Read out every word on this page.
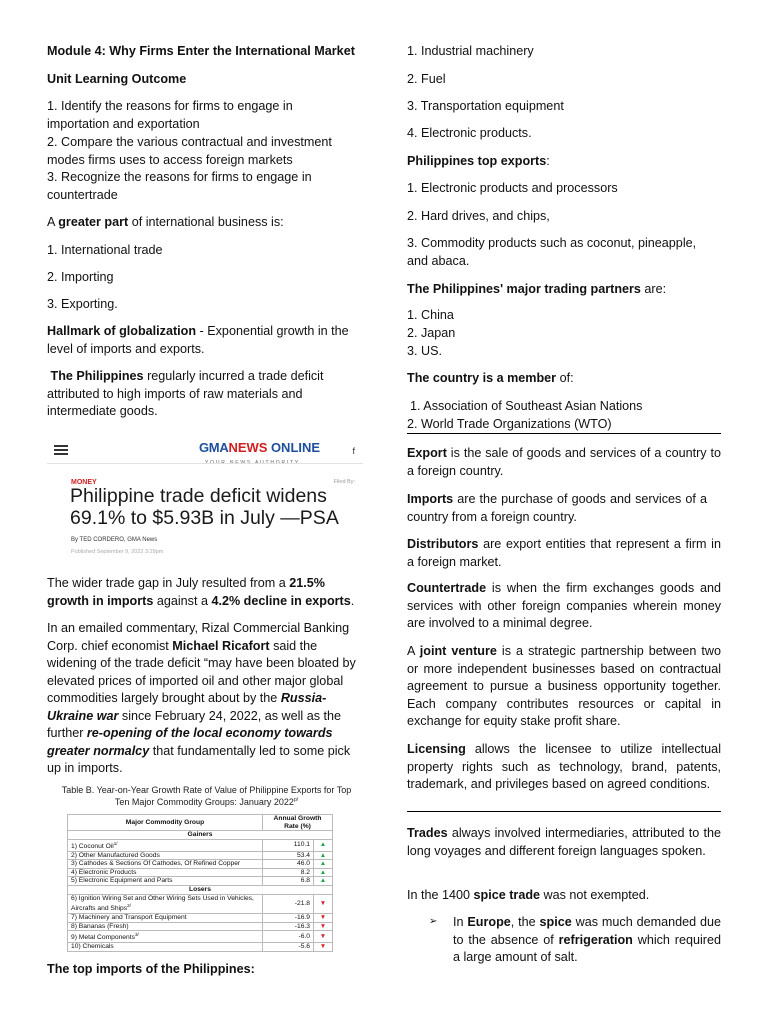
Module 4: Why Firms Enter the International Market

Unit Learning Outcome

1. Identify the reasons for firms to engage in importation and exportation

2. Compare the various contractual and investment modes firms uses to access foreign markets

3. Recognize the reasons for firms to engage in countertrade

A greater part of international business is:

1. International trade

2. Importing

3. Exporting.

Hallmark of globalization - Exponential growth in the level of imports and exports.

The Philippines regularly incurred a trade deficit attributed to high imports of raw materials and intermediate goods.

The wider trade gap in July resulted from a 21.5% growth in imports against a 4.2% decline in exports.

In an emailed commentary, Rizal Commercial Banking Corp. chief economist Michael Ricafort said the widening of the trade deficit “may have been bloated by elevated prices of imported oil and other major global commodities largely brought about by the Russia-Ukraine war since February 24, 2022, as well as the further re-opening of the local economy towards greater normalcy that fundamentally led to some pick up in imports.

The top imports of the Philippines:

GMANEWS ONLINE
YOUR NEWS AUTHORITY
f
MONEY	Filed By:
Philippine trade deficit widens
69.1% to $5.93B in July —PSA
By TED CORDERO, GMA News
Published September 9, 2022 3:29pm
Table B. Year-on-Year Growth Rate of Value of Philippine Exports for Top
Ten Major Commodity Groups: January $2022^{p/}$
Major Commodity Group	Annual Growth Rate (%)	
Gainers		
1) Coconut Oil$^{1/}$	110.1	▲
2) Other Manufactured Goods	53.4	▲
3) Cathodes & Sections Of Cathodes, Of Refined Copper	46.0	▲
4) Electronic Products	8.2	▲
5) Electronic Equipment and Parts	6.8	▲
Losers		
6) Ignition Wiring Set and Other Wiring Sets Used in Vehicles, Aircrafts and Ships$^{2/}$	-21.8	▼
7) Machinery and Transport Equipment	-16.9	▼
8) Bananas (Fresh)	-16.3	▼
9) Metal Components$^{3/}$	-6.0	▼
10) Chemicals	-5.6	▼

1. Industrial machinery

2. Fuel

3. Transportation equipment

4. Electronic products.

Philippines top exports:

1. Electronic products and processors

2. Hard drives, and chips,

3. Commodity products such as coconut, pineapple, and abaca.

The Philippines' major trading partners are:

1. China

2. Japan

3. US.

The country is a member of:

1. Association of Southeast Asian Nations

2. World Trade Organizations (WTO)

Export is the sale of goods and services of a country to a foreign country.

Imports are the purchase of goods and services of a country from a foreign country.

Distributors are export entities that represent a firm in a foreign market.

Countertrade is when the firm exchanges goods and services with other foreign companies wherein money are involved to a minimal degree.

A joint venture is a strategic partnership between two or more independent businesses based on contractual agreement to pursue a business opportunity together. Each company contributes resources or capital in exchange for equity stake profit share.

Licensing allows the licensee to utilize intellectual property rights such as technology, brand, patents, trademark, and privileges based on agreed conditions.

Trades always involved intermediaries, attributed to the long voyages and different foreign languages spoken.

In the 1400 spice trade was not exempted.

In Europe, the spice was much demanded due to the absence of refrigeration which required a large amount of salt.

➢
